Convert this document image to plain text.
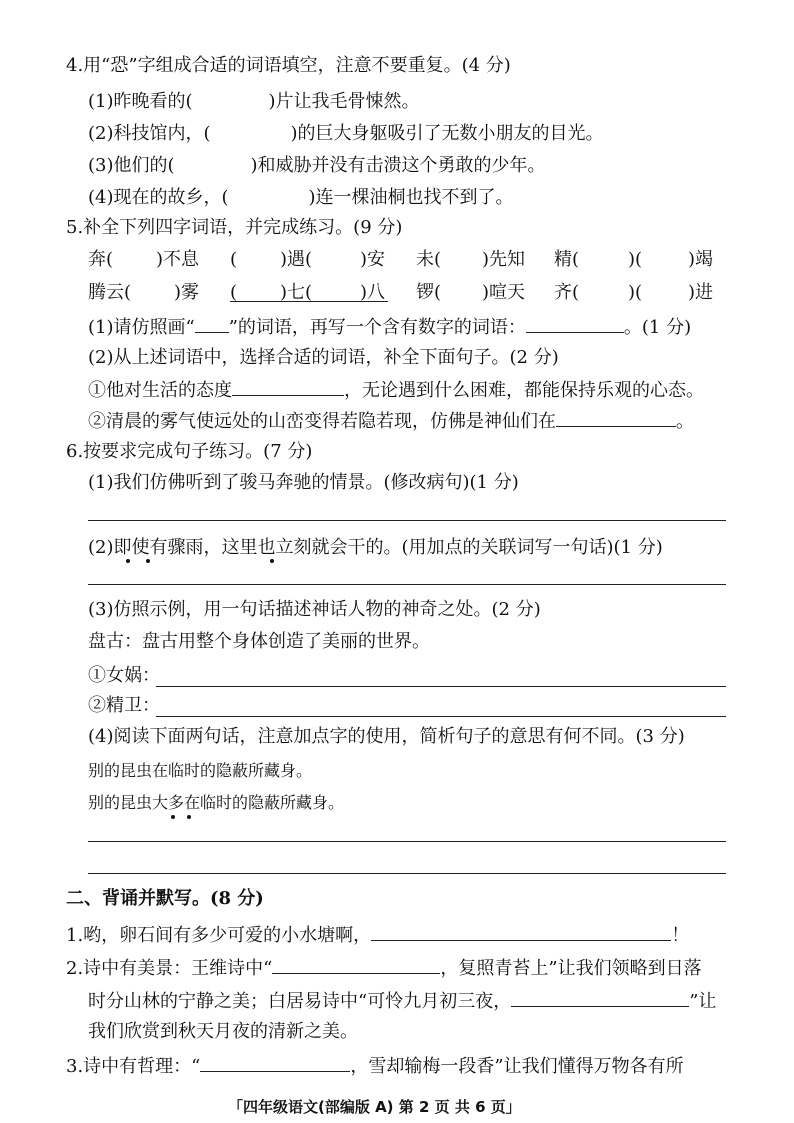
4.用“恐”字组成合适的词语填空，注意不要重复。(4 分)
(1)昨晚看的(	)片让我毛骨悚然。
(2)科技馆内，(	)的巨大身躯吸引了无数小朋友的目光。
(3)他们的(	)和威胁并没有击溃这个勇敢的少年。
(4)现在的故乡，(	)连一棵油桐也找不到了。
5.补全下列四字词语，并完成练习。(9 分)
奔( )不息 ( )遇(	)安 未( )先知 精(	)(	)竭
腾云( )雾 ( )七(	)八 锣( )喧天 齐(	)(	)进
(1)请仿照画“ ”的词语，再写一个含有数字的词语：	。(1 分)
(2)从上述词语中，选择合适的词语，补全下面句子。(2 分)
①他对生活的态度	，无论遇到什么困难，都能保持乐观的心态。
②清晨的雾气使远处的山峦变得若隐若现，仿佛是神仙们在	。
6.按要求完成句子练习。(7 分)
(1)我们仿佛听到了骏马奔驰的情景。(修改病句)(1 分)
(2)即使有骤雨，这里也立刻就会干的。(用加点的关联词写一句话)(1 分)
(3)仿照示例，用一句话描述神话人物的神奇之处。(2 分)
盘古：盘古用整个身体创造了美丽的世界。
①女娲：
②精卫：
(4)阅读下面两句话，注意加点字的使用，简析句子的意思有何不同。(3 分)
别的昆虫在临时的隐蔽所藏身。
别的昆虫大多在临时的隐蔽所藏身。
二、背诵并默写。(8 分)
1.哟，卵石间有多少可爱的小水塘啊，	！
2.诗中有美景：王维诗中“	，复照青苔上”让我们领略到日落
时分山林的宁静之美；白居易诗中“可怜九月初三夜，	”让
我们欣赏到秋天月夜的清新之美。
3.诗中有哲理：“	，雪却输梅一段香”让我们懂得万物各有所
「四年级语文(部编版 A) 第 2 页 共 6 页」
